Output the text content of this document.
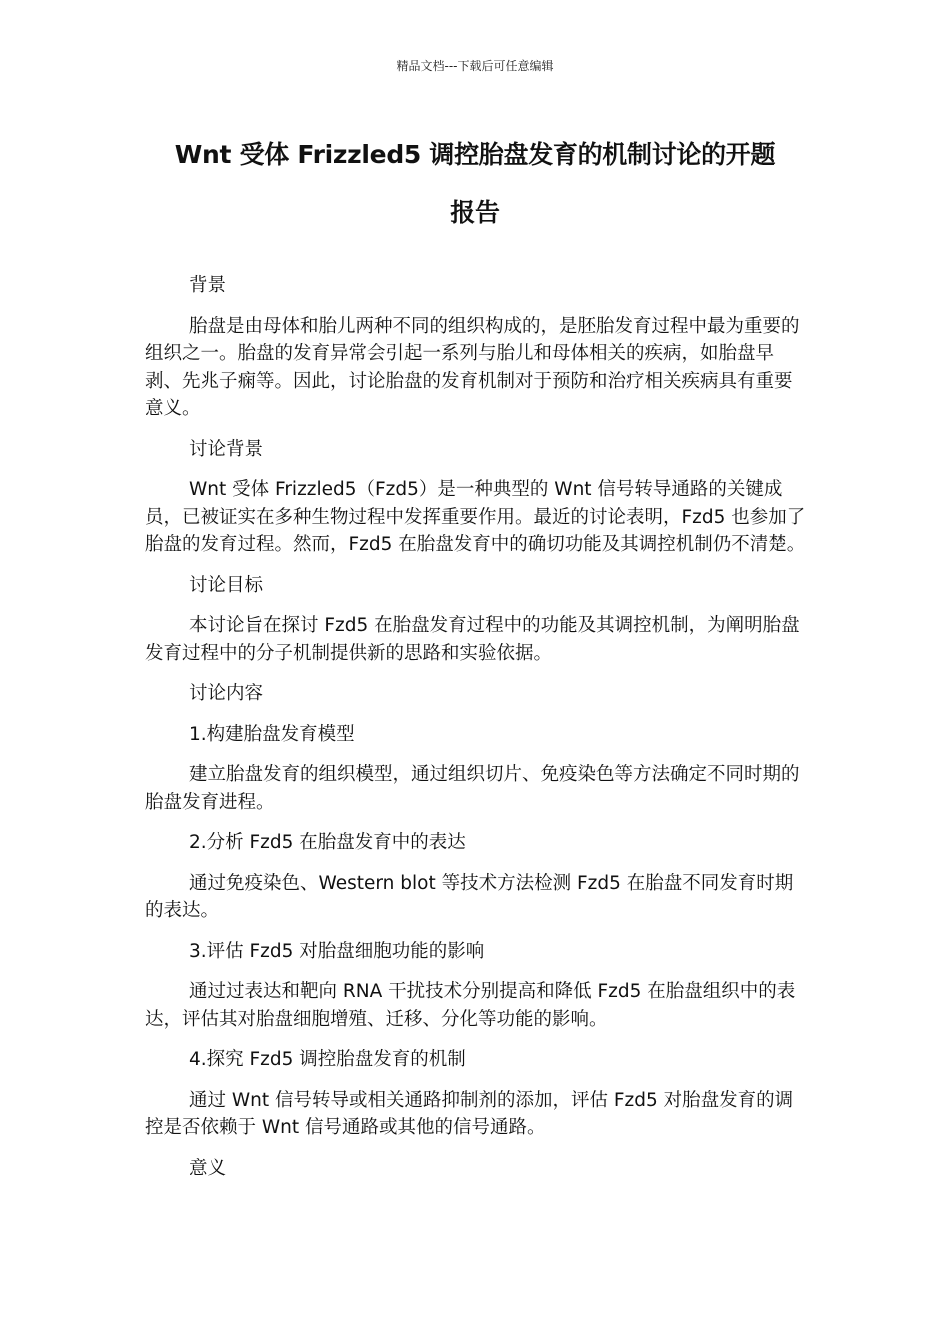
精品文档---下载后可任意编辑
Wnt 受体 Frizzled5 调控胎盘发育的机制讨论的开题
报告

背景

胎盘是由母体和胎儿两种不同的组织构成的，是胚胎发育过程中最为重要的组织之一。胎盘的发育异常会引起一系列与胎儿和母体相关的疾病，如胎盘早剥、先兆子痫等。因此，讨论胎盘的发育机制对于预防和治疗相关疾病具有重要意义。

讨论背景

Wnt 受体 Frizzled5（Fzd5）是一种典型的 Wnt 信号转导通路的关键成员，已被证实在多种生物过程中发挥重要作用。最近的讨论表明，Fzd5 也参加了胎盘的发育过程。然而，Fzd5 在胎盘发育中的确切功能及其调控机制仍不清楚。

讨论目标

本讨论旨在探讨 Fzd5 在胎盘发育过程中的功能及其调控机制，为阐明胎盘发育过程中的分子机制提供新的思路和实验依据。

讨论内容

1.构建胎盘发育模型

建立胎盘发育的组织模型，通过组织切片、免疫染色等方法确定不同时期的胎盘发育进程。

2.分析 Fzd5 在胎盘发育中的表达

通过免疫染色、Western blot 等技术方法检测 Fzd5 在胎盘不同发育时期的表达。

3.评估 Fzd5 对胎盘细胞功能的影响

通过过表达和靶向 RNA 干扰技术分别提高和降低 Fzd5 在胎盘组织中的表达，评估其对胎盘细胞增殖、迁移、分化等功能的影响。

4.探究 Fzd5 调控胎盘发育的机制

通过 Wnt 信号转导或相关通路抑制剂的添加，评估 Fzd5 对胎盘发育的调控是否依赖于 Wnt 信号通路或其他的信号通路。

意义
